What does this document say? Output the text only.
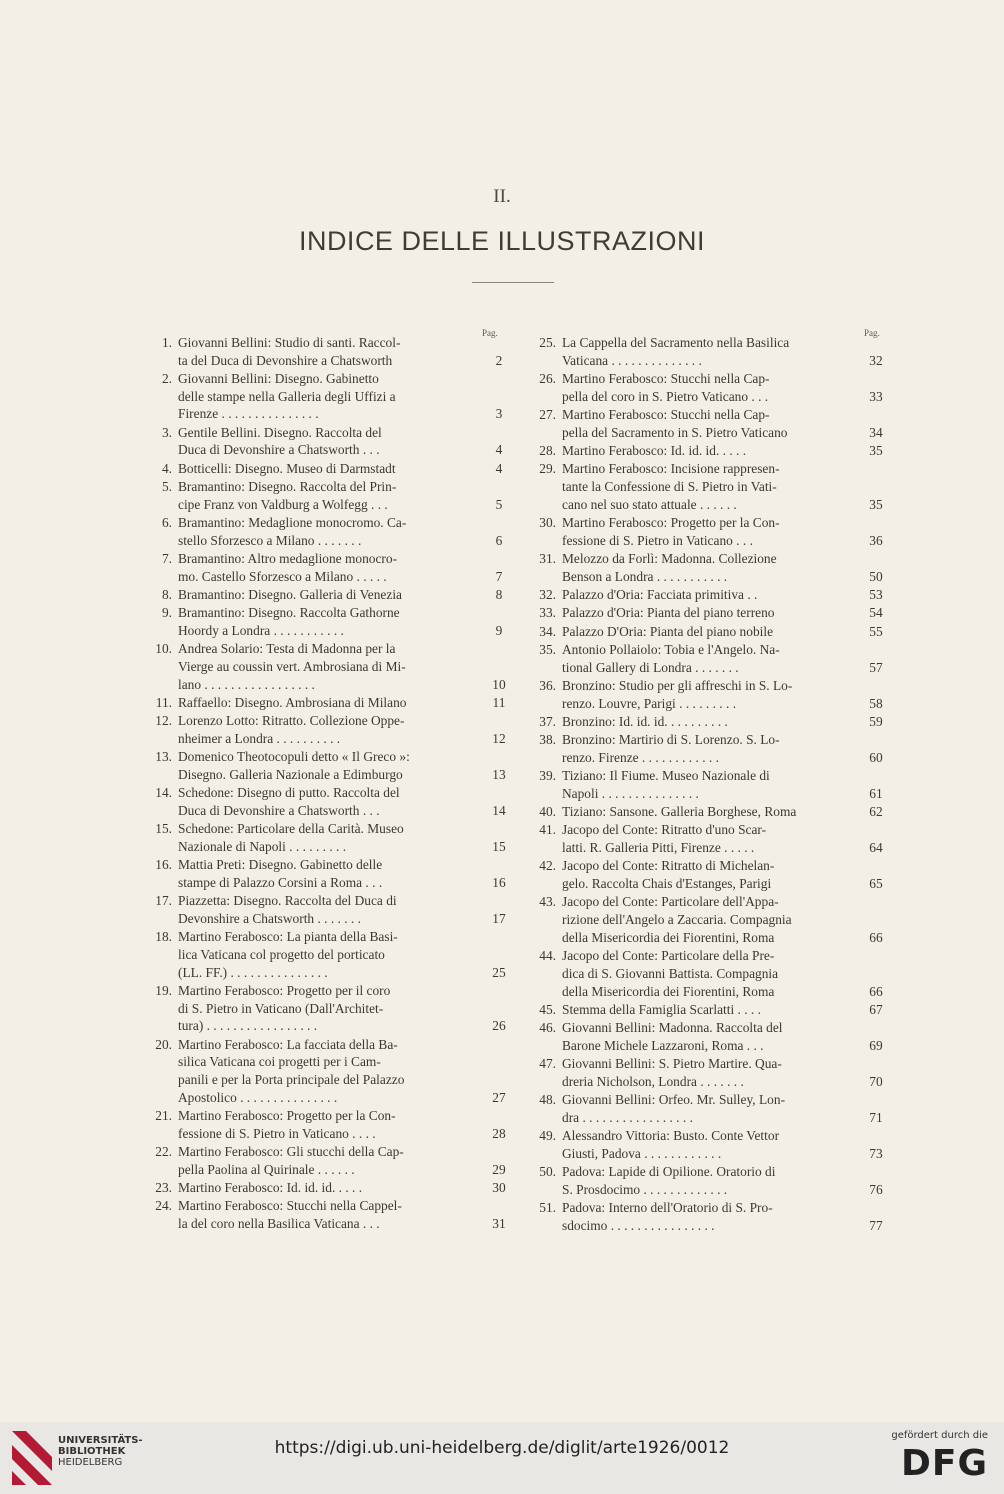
II.
INDICE DELLE ILLUSTRAZIONI
Pag.	Pag.
1. Giovanni Bellini: Studio di santi. Raccol-
ta del Duca di Devonshire a Chatsworth	2
2. Giovanni Bellini: Disegno. Gabinetto
delle stampe nella Galleria degli Uffizi a
Firenze . . . . . . . . . . . . . . .	3
3. Gentile Bellini. Disegno. Raccolta del
Duca di Devonshire a Chatsworth . . .	4
4. Botticelli: Disegno. Museo di Darmstadt	4
5. Bramantino: Disegno. Raccolta del Prin-
cipe Franz von Valdburg a Wolfegg . . .	5
6. Bramantino: Medaglione monocromo. Ca-
stello Sforzesco a Milano . . . . . . .	6
7. Bramantino: Altro medaglione monocro-
mo. Castello Sforzesco a Milano . . . . .	7
8. Bramantino: Disegno. Galleria di Venezia	8
9. Bramantino: Disegno. Raccolta Gathorne
Hoordy a Londra . . . . . . . . . . .	9
10. Andrea Solario: Testa di Madonna per la
Vierge au coussin vert. Ambrosiana di Mi-
lano . . . . . . . . . . . . . . . . .	10
11. Raffaello: Disegno. Ambrosiana di Milano	11
12. Lorenzo Lotto: Ritratto. Collezione Oppe-
nheimer a Londra . . . . . . . . . .	12
13. Domenico Theotocopuli detto « Il Greco »:
Disegno. Galleria Nazionale a Edimburgo	13
14. Schedone: Disegno di putto. Raccolta del
Duca di Devonshire a Chatsworth . . .	14
15. Schedone: Particolare della Carità. Museo
Nazionale di Napoli . . . . . . . . .	15
16. Mattia Preti: Disegno. Gabinetto delle
stampe di Palazzo Corsini a Roma . . .	16
17. Piazzetta: Disegno. Raccolta del Duca di
Devonshire a Chatsworth . . . . . . .	17
18. Martino Ferabosco: La pianta della Basi-
lica Vaticana col progetto del porticato
(LL. FF.) . . . . . . . . . . . . . . .	25
19. Martino Ferabosco: Progetto per il coro
di S. Pietro in Vaticano (Dall'Architet-
tura) . . . . . . . . . . . . . . . . .	26
20. Martino Ferabosco: La facciata della Ba-
silica Vaticana coi progetti per i Cam-
panili e per la Porta principale del Palazzo
Apostolico . . . . . . . . . . . . . . .	27
21. Martino Ferabosco: Progetto per la Con-
fessione di S. Pietro in Vaticano . . . .	28
22. Martino Ferabosco: Gli stucchi della Cap-
pella Paolina al Quirinale . . . . . .	29
23. Martino Ferabosco: Id. id. id. . . . .	30
24. Martino Ferabosco: Stucchi nella Cappel-
la del coro nella Basilica Vaticana . . .	31
25. La Cappella del Sacramento nella Basilica
Vaticana . . . . . . . . . . . . . .	32
26. Martino Ferabosco: Stucchi nella Cap-
pella del coro in S. Pietro Vaticano . . .	33
27. Martino Ferabosco: Stucchi nella Cap-
pella del Sacramento in S. Pietro Vaticano	34
28. Martino Ferabosco: Id. id. id. . . . .	35
29. Martino Ferabosco: Incisione rappresen-
tante la Confessione di S. Pietro in Vati-
cano nel suo stato attuale . . . . . .	35
30. Martino Ferabosco: Progetto per la Con-
fessione di S. Pietro in Vaticano . . .	36
31. Melozzo da Forlì: Madonna. Collezione
Benson a Londra . . . . . . . . . . .	50
32. Palazzo d'Oria: Facciata primitiva . .	53
33. Palazzo d'Oria: Pianta del piano terreno	54
34. Palazzo D'Oria: Pianta del piano nobile	55
35. Antonio Pollaiolo: Tobia e l'Angelo. Na-
tional Gallery di Londra . . . . . . .	57
36. Bronzino: Studio per gli affreschi in S. Lo-
renzo. Louvre, Parigi . . . . . . . . .	58
37. Bronzino: Id. id. id. . . . . . . . . .	59
38. Bronzino: Martirio di S. Lorenzo. S. Lo-
renzo. Firenze . . . . . . . . . . . .	60
39. Tiziano: Il Fiume. Museo Nazionale di
Napoli . . . . . . . . . . . . . . .	61
40. Tiziano: Sansone. Galleria Borghese, Roma	62
41. Jacopo del Conte: Ritratto d'uno Scar-
latti. R. Galleria Pitti, Firenze . . . . .	64
42. Jacopo del Conte: Ritratto di Michelan-
gelo. Raccolta Chais d'Estanges, Parigi	65
43. Jacopo del Conte: Particolare dell'Appa-
rizione dell'Angelo a Zaccaria. Compagnia
della Misericordia dei Fiorentini, Roma	66
44. Jacopo del Conte: Particolare della Pre-
dica di S. Giovanni Battista. Compagnia
della Misericordia dei Fiorentini, Roma	66
45. Stemma della Famiglia Scarlatti . . . .	67
46. Giovanni Bellini: Madonna. Raccolta del
Barone Michele Lazzaroni, Roma . . .	69
47. Giovanni Bellini: S. Pietro Martire. Qua-
dreria Nicholson, Londra . . . . . . .	70
48. Giovanni Bellini: Orfeo. Mr. Sulley, Lon-
dra . . . . . . . . . . . . . . . . .	71
49. Alessandro Vittoria: Busto. Conte Vettor
Giusti, Padova . . . . . . . . . . . .	73
50. Padova: Lapide di Opilione. Oratorio di
S. Prosdocimo . . . . . . . . . . . . .	76
51. Padova: Interno dell'Oratorio di S. Pro-
sdocimo . . . . . . . . . . . . . . . .	77
UNIVERSITÄTS-
BIBLIOTHEK
HEIDELBERG
https://digi.ub.uni-heidelberg.de/diglit/arte1926/0012
gefördert durch die
DFG
